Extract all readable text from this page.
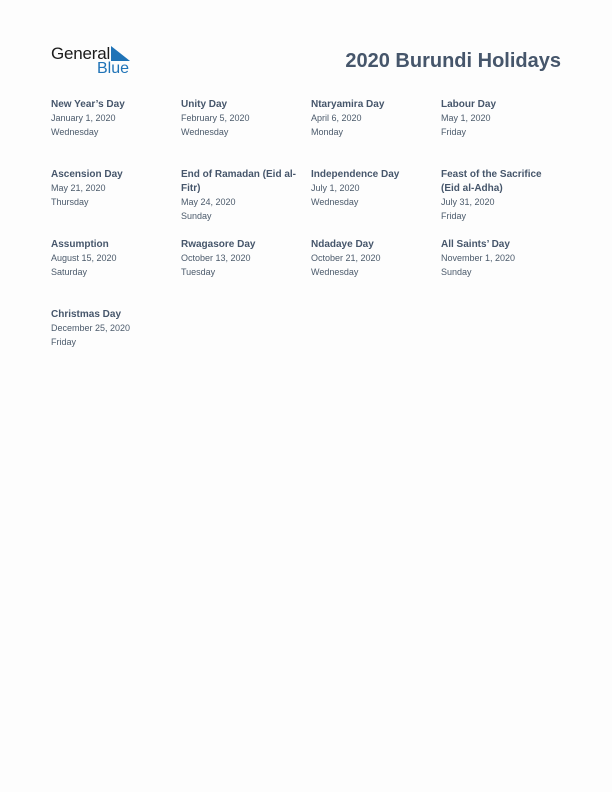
General
Blue	2020 Burundi Holidays
New Year’s Day
January 1, 2020
Wednesday
Unity Day
February 5, 2020
Wednesday
Ntaryamira Day
April 6, 2020
Monday
Labour Day
May 1, 2020
Friday
Ascension Day
May 21, 2020
Thursday
End of Ramadan (Eid al-Fitr)
May 24, 2020
Sunday
Independence Day
July 1, 2020
Wednesday
Feast of the Sacrifice (Eid al-Adha)
July 31, 2020
Friday
Assumption
August 15, 2020
Saturday
Rwagasore Day
October 13, 2020
Tuesday
Ndadaye Day
October 21, 2020
Wednesday
All Saints’ Day
November 1, 2020
Sunday
Christmas Day
December 25, 2020
Friday
